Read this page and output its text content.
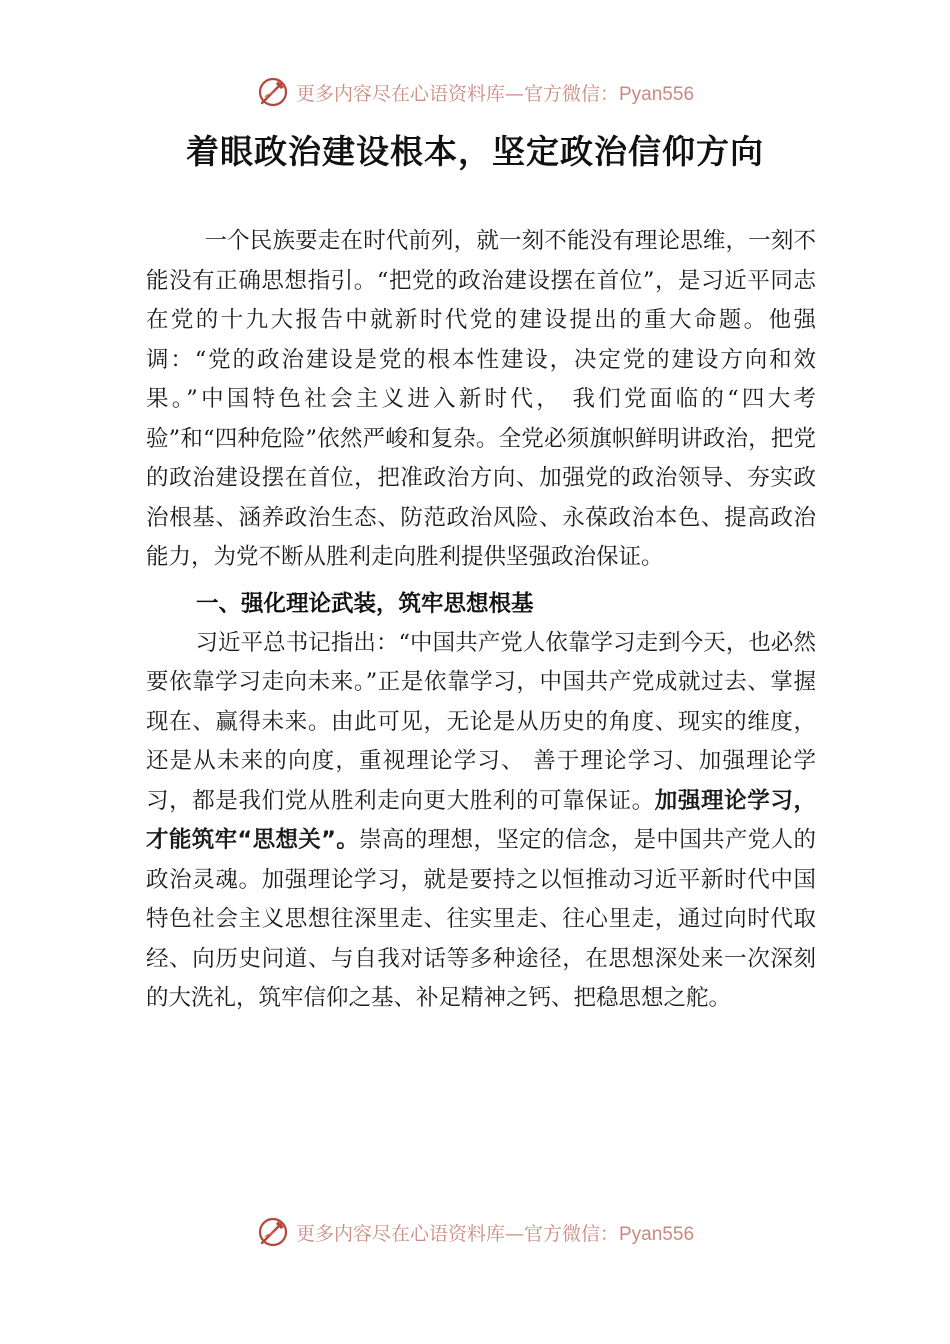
更多内容尽在心语资料库—官方微信：Pyan556
着眼政治建设根本，坚定政治信仰方向

一个民族要走在时代前列，就一刻不能没有理论思维，一刻不能没有正确思想指引。“把党的政治建设摆在首位”，是习近平同志在党的十九大报告中就新时代党的建设提出的重大命题。他强调：“党的政治建设是党的根本性建设，决定党的建设方向和效果。”中国特色社会主义进入新时代， 我们党面临的“四大考验”和“四种危险”依然严峻和复杂。全党必须旗帜鲜明讲政治，把党的政治建设摆在首位，把准政治方向、加强党的政治领导、夯实政治根基、涵养政治生态、防范政治风险、永葆政治本色、提高政治能力，为党不断从胜利走向胜利提供坚强政治保证。

一、强化理论武装，筑牢思想根基

习近平总书记指出：“中国共产党人依靠学习走到今天，也必然要依靠学习走向未来。”正是依靠学习，中国共产党成就过去、掌握现在、赢得未来。由此可见，无论是从历史的角度、现实的维度，还是从未来的向度，重视理论学习、 善于理论学习、加强理论学习，都是我们党从胜利走向更大胜利的可靠保证。加强理论学习，才能筑牢“思想关”。崇高的理想，坚定的信念，是中国共产党人的政治灵魂。加强理论学习，就是要持之以恒推动习近平新时代中国特色社会主义思想往深里走、往实里走、往心里走，通过向时代取经、向历史问道、与自我对话等多种途径，在思想深处来一次深刻的大洗礼，筑牢信仰之基、补足精神之钙、把稳思想之舵。

更多内容尽在心语资料库—官方微信：Pyan556
